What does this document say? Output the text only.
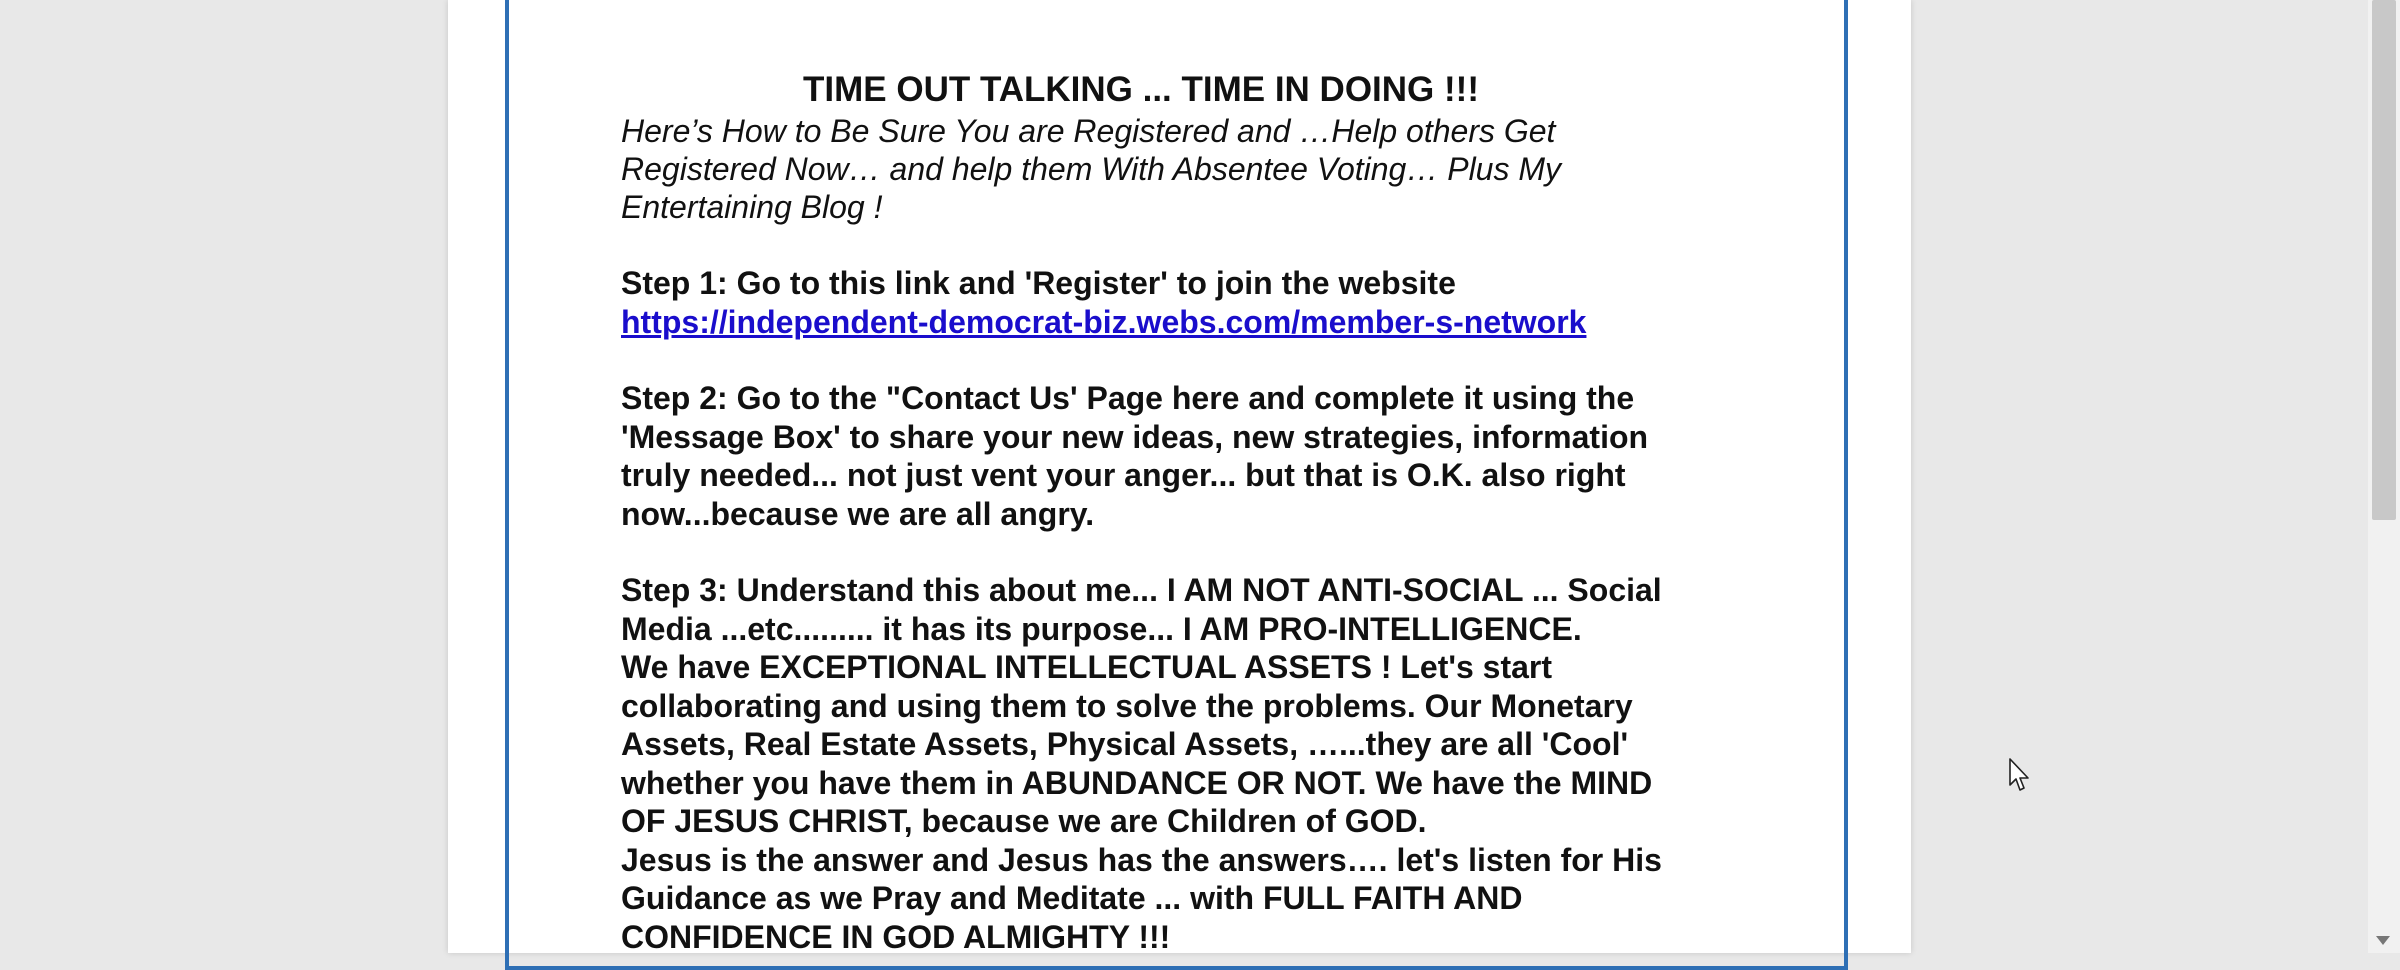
TIME OUT TALKING ... TIME IN DOING !!!

Here’s How to Be Sure You are Registered and …Help others Get

Registered Now… and help them With Absentee Voting… Plus My

Entertaining Blog !

Step 1: Go to this link and 'Register' to join the website

https://independent-democrat-biz.webs.com/member-s-network

Step 2: Go to the "Contact Us' Page here and complete it using the

'Message Box' to share your new ideas, new strategies, information

truly needed... not just vent your anger... but that is O.K. also right

now...because we are all angry.

Step 3: Understand this about me... I AM NOT ANTI-SOCIAL ... Social

Media ...etc......... it has its purpose... I AM PRO-INTELLIGENCE.

We have EXCEPTIONAL INTELLECTUAL ASSETS ! Let's start

collaborating and using them to solve the problems. Our Monetary

Assets, Real Estate Assets, Physical Assets, …...they are all 'Cool'

whether you have them in ABUNDANCE OR NOT. We have the MIND

OF JESUS CHRIST, because we are Children of GOD.

Jesus is the answer and Jesus has the answers…. let's listen for His

Guidance as we Pray and Meditate ... with FULL FAITH AND

CONFIDENCE IN GOD ALMIGHTY !!!
